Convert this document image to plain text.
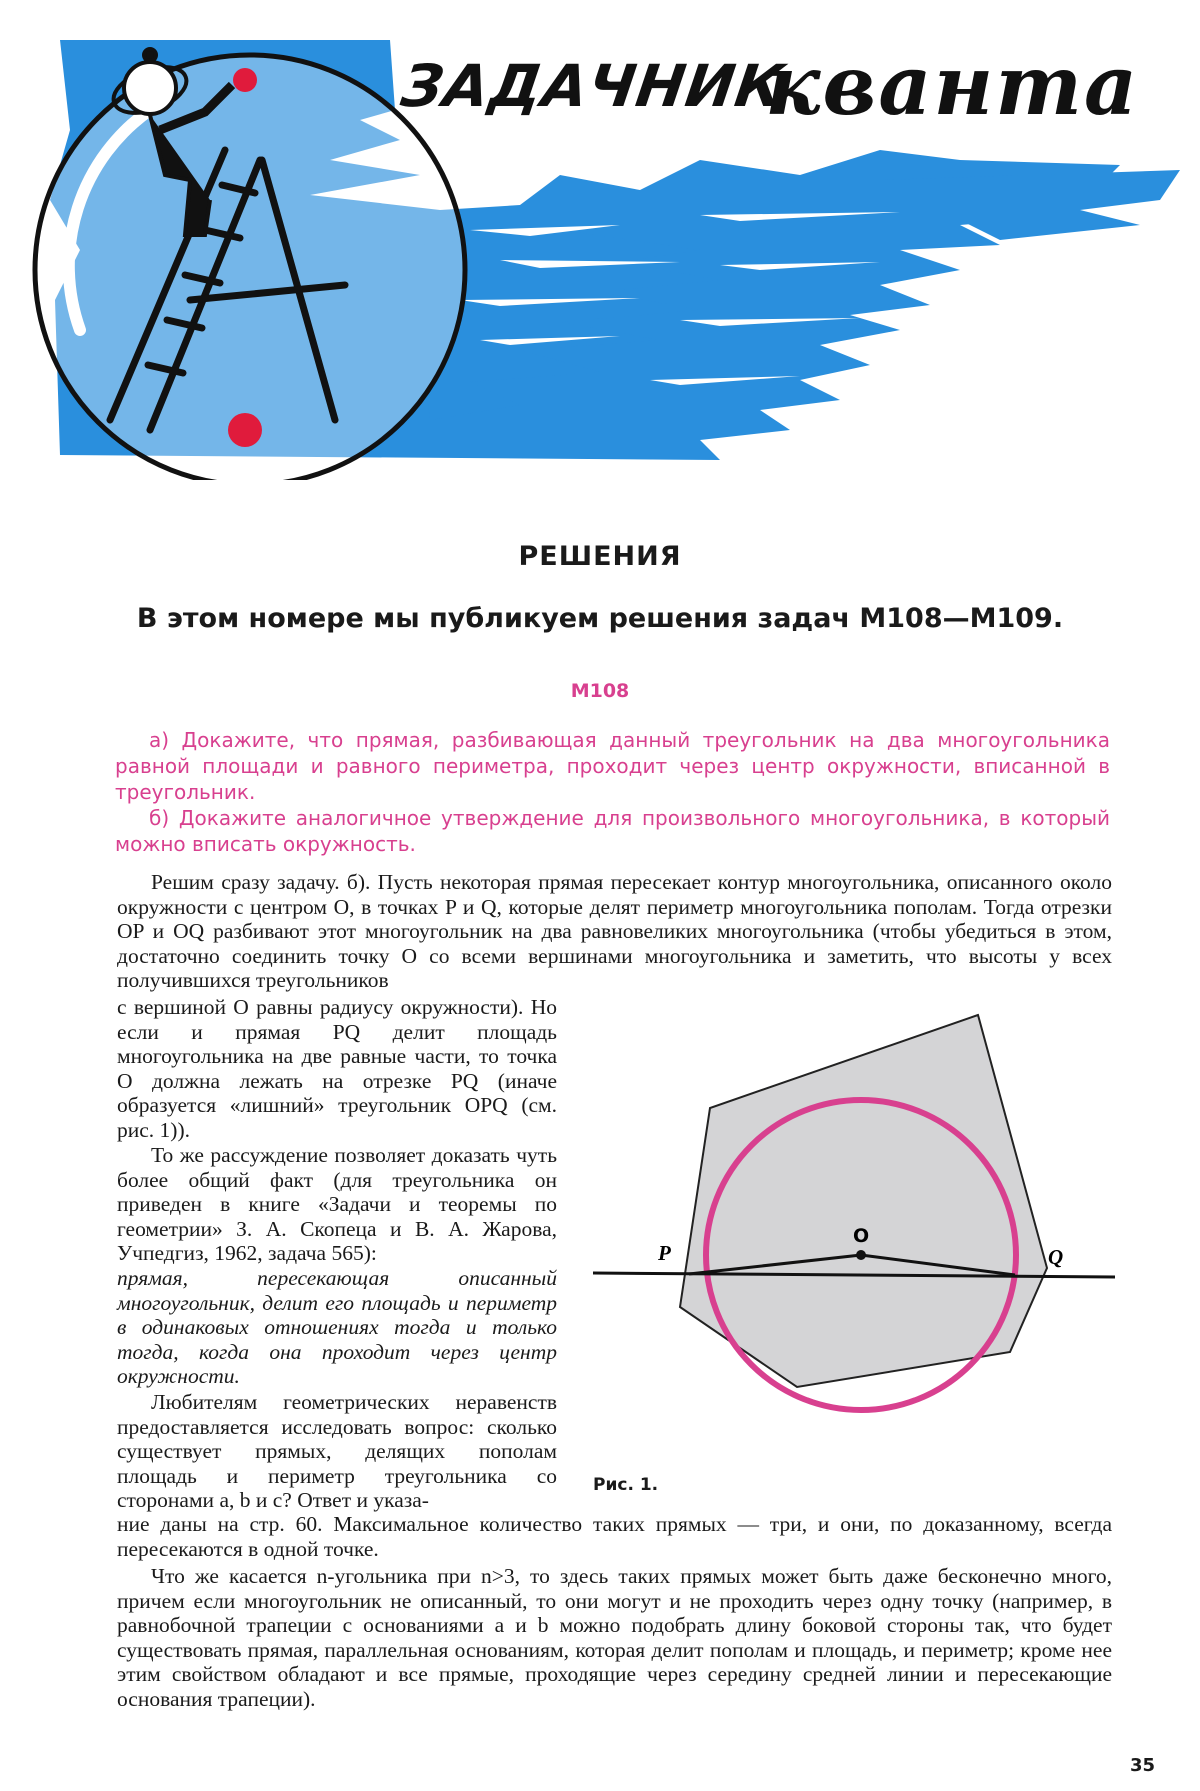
ЗАДАЧНИК
кванта
РЕШЕНИЯ
В этом номере мы публикуем решения задач М108—М109.
М108
а) Докажите, что прямая, разбивающая данный треугольник на два многоугольника равной площади и равного периметра, проходит через центр окружности, вписанной в треугольник.
б) Докажите аналогичное утверждение для произвольного многоугольника, в который можно вписать окружность.
Решим сразу задачу. б). Пусть некоторая прямая пересекает контур многоугольника, описанного около окружности с центром O, в точках P и Q, которые делят периметр многоугольника пополам. Тогда отрезки OP и OQ разбивают этот многоугольник на два равновеликих многоугольника (чтобы убедиться в этом, достаточно соединить точку O со всеми вершинами многоугольника и заметить, что высоты у всех получившихся треугольников
с вершиной O равны радиусу окружности). Но если и прямая PQ делит площадь многоугольника на две равные части, то точка O должна лежать на отрезке PQ (иначе образуется «лишний» треугольник OPQ (см. рис. 1)).
То же рассуждение позволяет доказать чуть более общий факт (для треугольника он приведен в книге «Задачи и теоремы по геометрии» З. А. Скопеца и В. А. Жарова, Учпедгиз, 1962, задача 565):
прямая, пересекающая описанный многоугольник, делит его площадь и периметр в одинаковых отношениях тогда и только тогда, когда она проходит через центр окружности.
Любителям геометрических неравенств предоставляется исследовать вопрос: сколько существует прямых, делящих пополам площадь и периметр треугольника со сторонами a, b и c? Ответ и указа-
ние даны на стр. 60. Максимальное количество таких прямых — три, и они, по доказанному, всегда пересекаются в одной точке.
Что же касается n-угольника при n>3, то здесь таких прямых может быть даже бесконечно много, причем если многоугольник не описанный, то они могут и не проходить через одну точку (например, в равнобочной трапеции с основаниями a и b можно подобрать длину боковой стороны так, что будет существовать прямая, параллельная основаниям, которая делит пополам и площадь, и периметр; кроме нее этим свойством обладают и все прямые, проходящие через середину средней линии и пересекающие основания трапеции).
O
P	Q
Рис. 1.
35
